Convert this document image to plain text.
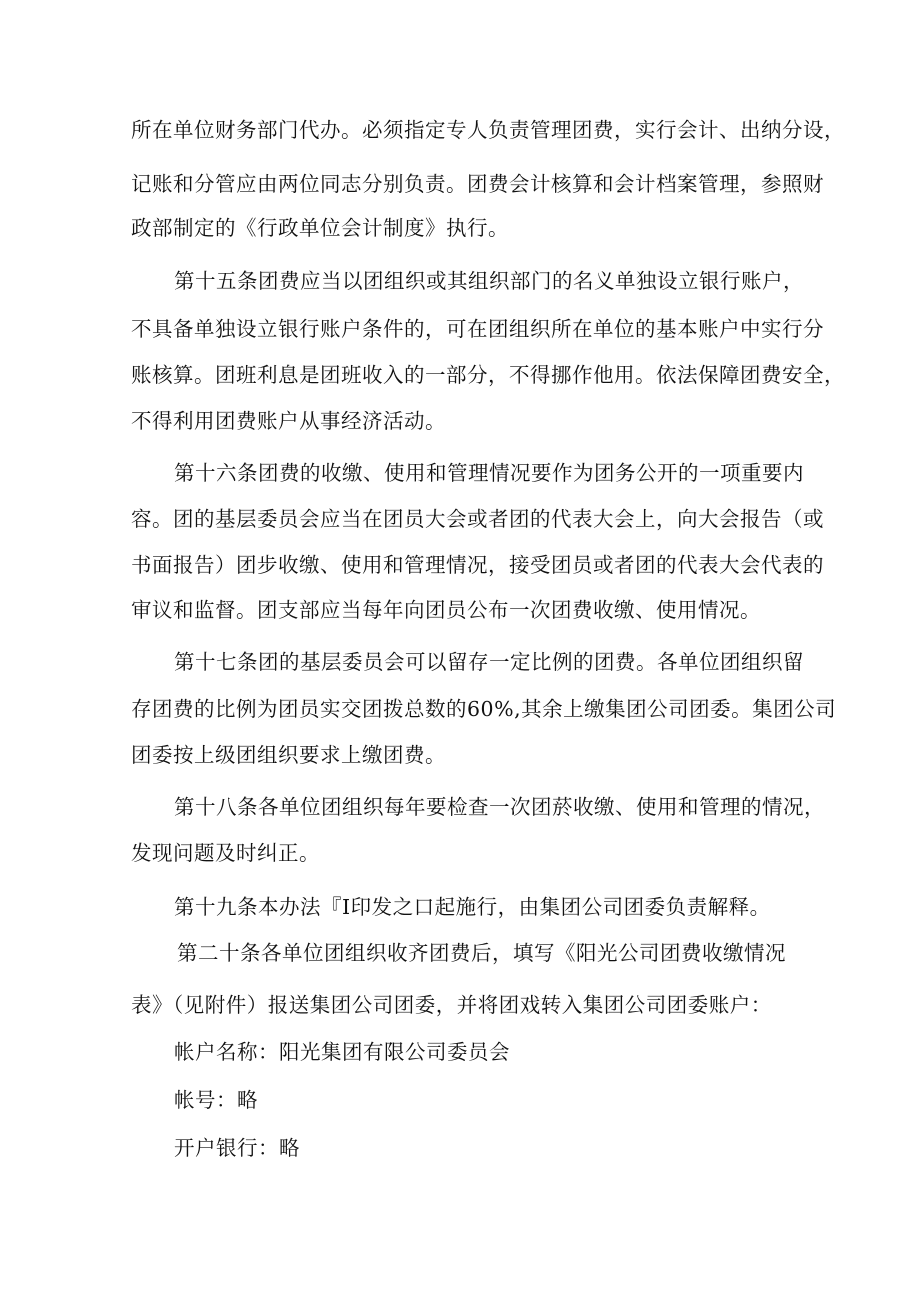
所在单位财务部门代办。必须指定专人负责管理团费，实行会计、出纳分设，
记账和分管应由两位同志分别负责。团费会计核算和会计档案管理，参照财
政部制定的《行政单位会计制度》执行。
第十五条团费应当以团组织或其组织部门的名义单独设立银行账户，
不具备单独设立银行账户条件的，可在团组织所在单位的基本账户中实行分
账核算。团班利息是团班收入的一部分，不得挪作他用。依法保障团费安全，
不得利用团费账户从事经济活动。
第十六条团费的收缴、使用和管理情况要作为团务公开的一项重要内
容。团的基层委员会应当在团员大会或者团的代表大会上，向大会报告（或
书面报告）团步收缴、使用和管理情况，接受团员或者团的代表大会代表的
审议和监督。团支部应当每年向团员公布一次团费收缴、使用情况。
第十七条团的基层委员会可以留存一定比例的团费。各单位团组织留
存团费的比例为团员实交团拨总数的60%,其余上缴集团公司团委。集团公司
团委按上级团组织要求上缴团费。
第十八条各单位团组织每年要检查一次团菸收缴、使用和管理的情况，
发现问题及时纠正。
第十九条本办法『I印发之口起施行，由集团公司团委负责解释。
第二十条各单位团组织收齐团费后，填写《阳光公司团费收缴情况
表》（见附件）报送集团公司团委，并将团戏转入集团公司团委账户：
帐户名称：阳光集团有限公司委员会
帐号：略
开户银行：略
